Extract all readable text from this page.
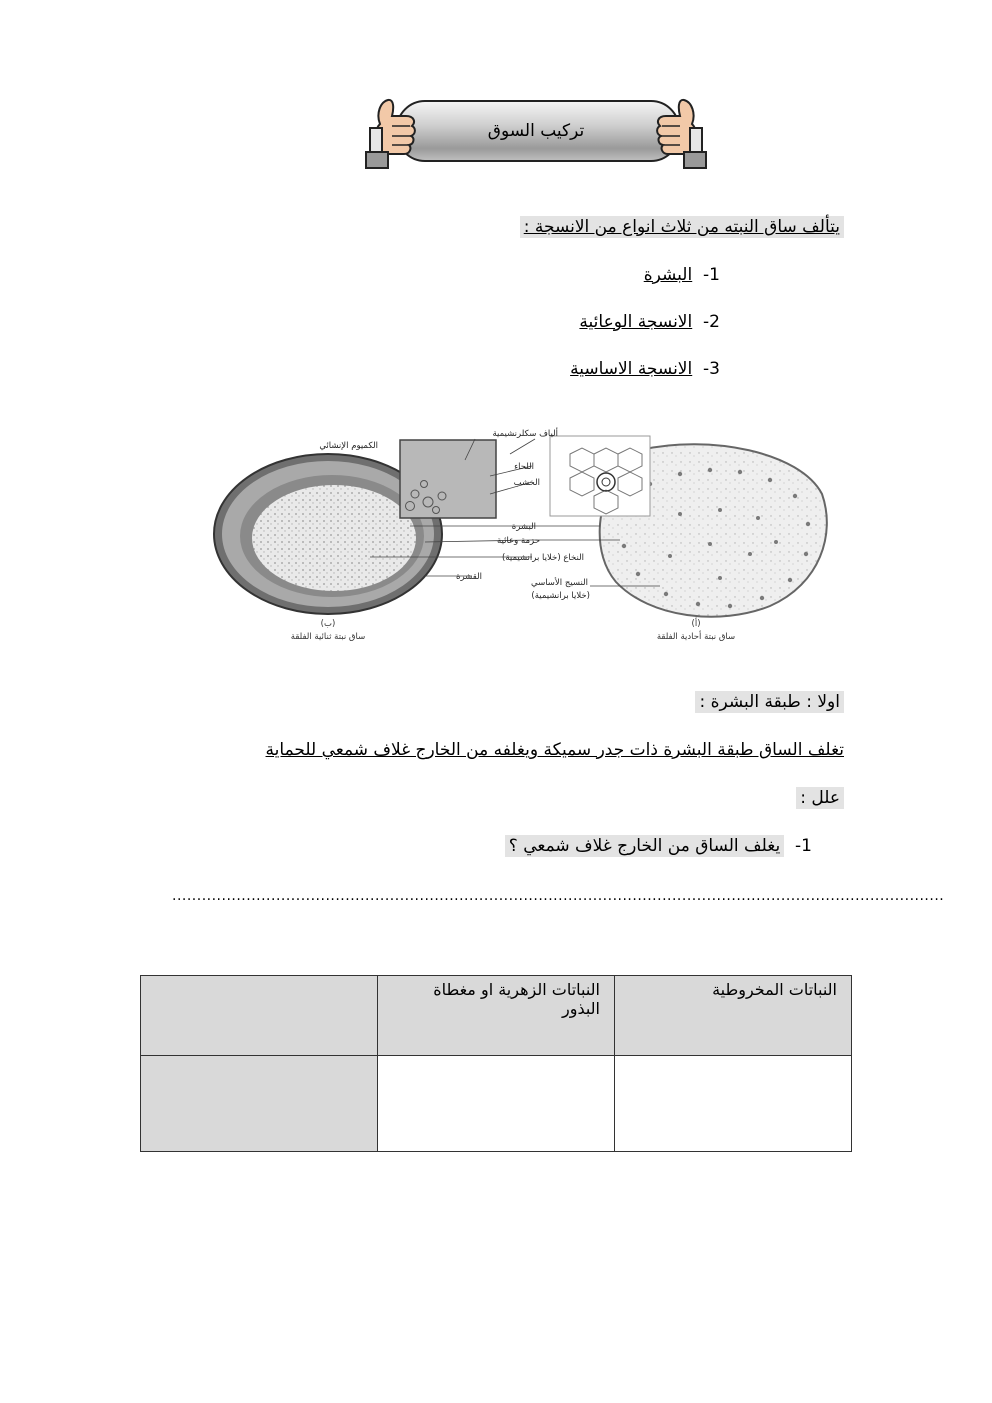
تركيب السوق
يتألف ساق النبته من ثلاث انواع من الانسجة :
1-  البشرة
2-  الانسجة الوعائية
3-  الانسجة الاساسية
الكميوم الإنشائي
ألياف سكلرنشيمية
اللحاء
الخشب
البشرة
حزمة وعائية
النخاع (خلايا برانشيمية)
القشرة
النسيج الأساسي
(خلايا برانشيمية)
(ب)
ساق نبتة ثنائية الفلقة
(أ)
ساق نبتة أحادية الفلقة
اولا : طبقة البشرة :
تغلف الساق طبقة البشرة ذات جدر سميكة ويغلفه من الخارج غلاف شمعي للحماية
علل :
1-  يغلف الساق من الخارج غلاف شمعي ؟
............................................................................................................................................................
	النباتات الزهرية او مغطاة البذور	النباتات المخروطية
